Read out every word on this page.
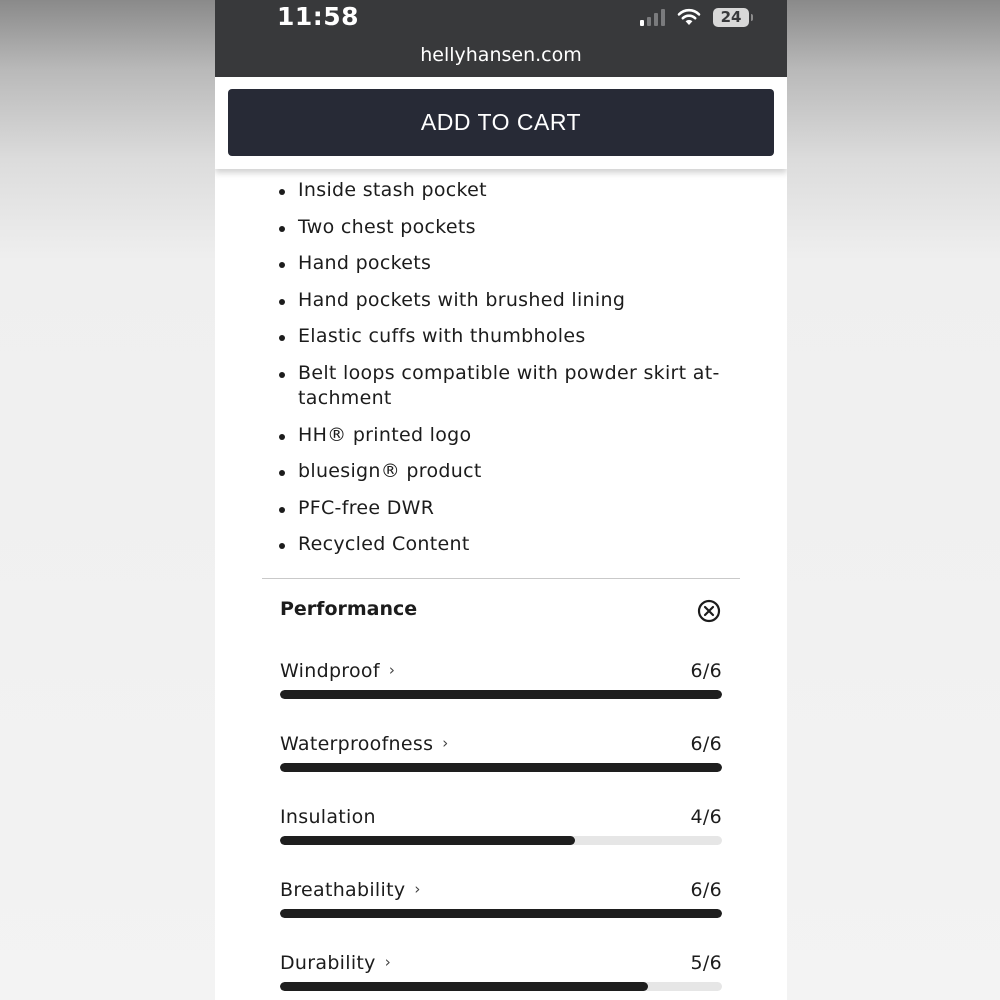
11:58	24
hellyhansen.com
ADD TO CART
Inside stash pocket
Two chest pockets
Hand pockets
Hand pockets with brushed lining
Elastic cuffs with thumbholes
Belt loops compatible with powder skirt at-tachment
HH® printed logo
bluesign® product
PFC-free DWR
Recycled Content
Performance
Windproof ›	6/6
Waterproofness ›	6/6
Insulation	4/6
Breathability ›	6/6
Durability ›	5/6
